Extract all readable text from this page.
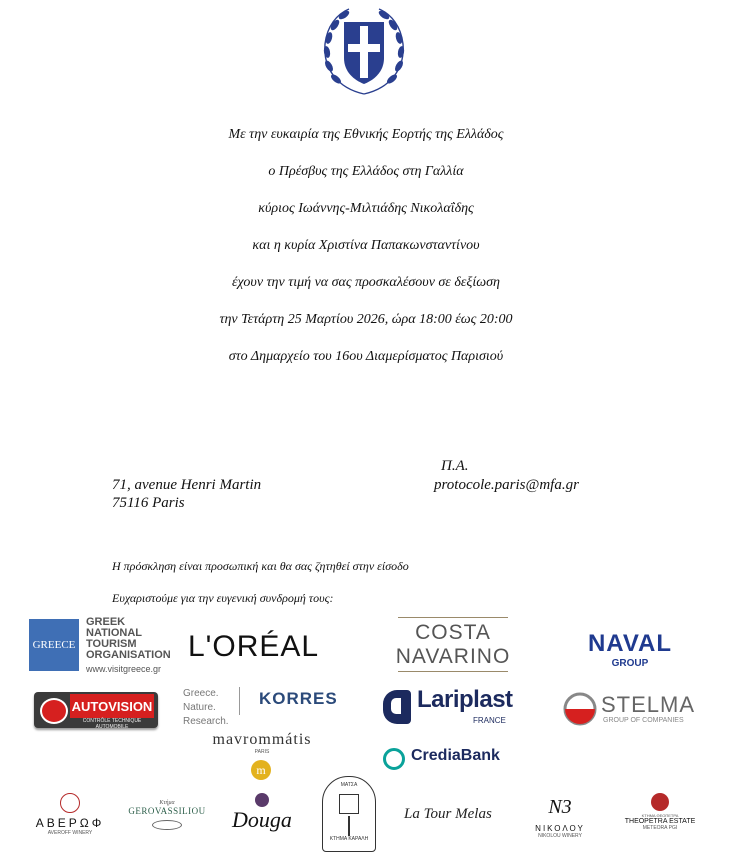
Με την ευκαιρία της Εθνικής Εορτής της Ελλάδος
ο Πρέσβυς της Ελλάδος στη Γαλλία
κύριος Ιωάννης-Μιλτιάδης Νικολαΐδης
και η κυρία Χριστίνα Παπακωνσταντίνου
έχουν την τιμή να σας προσκαλέσουν σε δεξίωση
την Τετάρτη 25 Μαρτίου 2026, ώρα 18:00 έως 20:00
στο Δημαρχείο του 16ου Διαμερίσματος Παρισιού
71, avenue Henri Martin
75116 Paris
Π.Α.
protocole.paris@mfa.gr
Η πρόσκληση είναι προσωπική και θα σας ζητηθεί στην είσοδο
Ευχαριστούμε για την ευγενική συνδρομή τους:
GREECE
GREEK
NATIONAL
TOURISM
ORGANISATION
www.visitgreece.gr
L'ORÉAL	COSTA
NAVARINO	NAVAL
GROUP
AUTOVISION
CONTRÔLE TECHNIQUE AUTOMOBILE
Greece.
Nature.
Research.
KORRES
mavrommátis
PARIS
m
Lariplast
FRANCE
STELMA
GROUP OF COMPANIES
CrediaBank
ΑΒΕΡΩΦ
AVEROFF WINERY
Κτήμα
GEROVASSILIOU Douga
ΜΑΤΣΑ
ΚΤΗΜΑ ΚΑΡΑΛΗ
La Tour Melas	N3
ΝΙΚΟΛΟΥ
NIKOLOU WINERY
ΚΤΗΜΑ ΘΕΟΠΕΤΡΑ
THEOPETRA ESTATE
METEORA PGI
